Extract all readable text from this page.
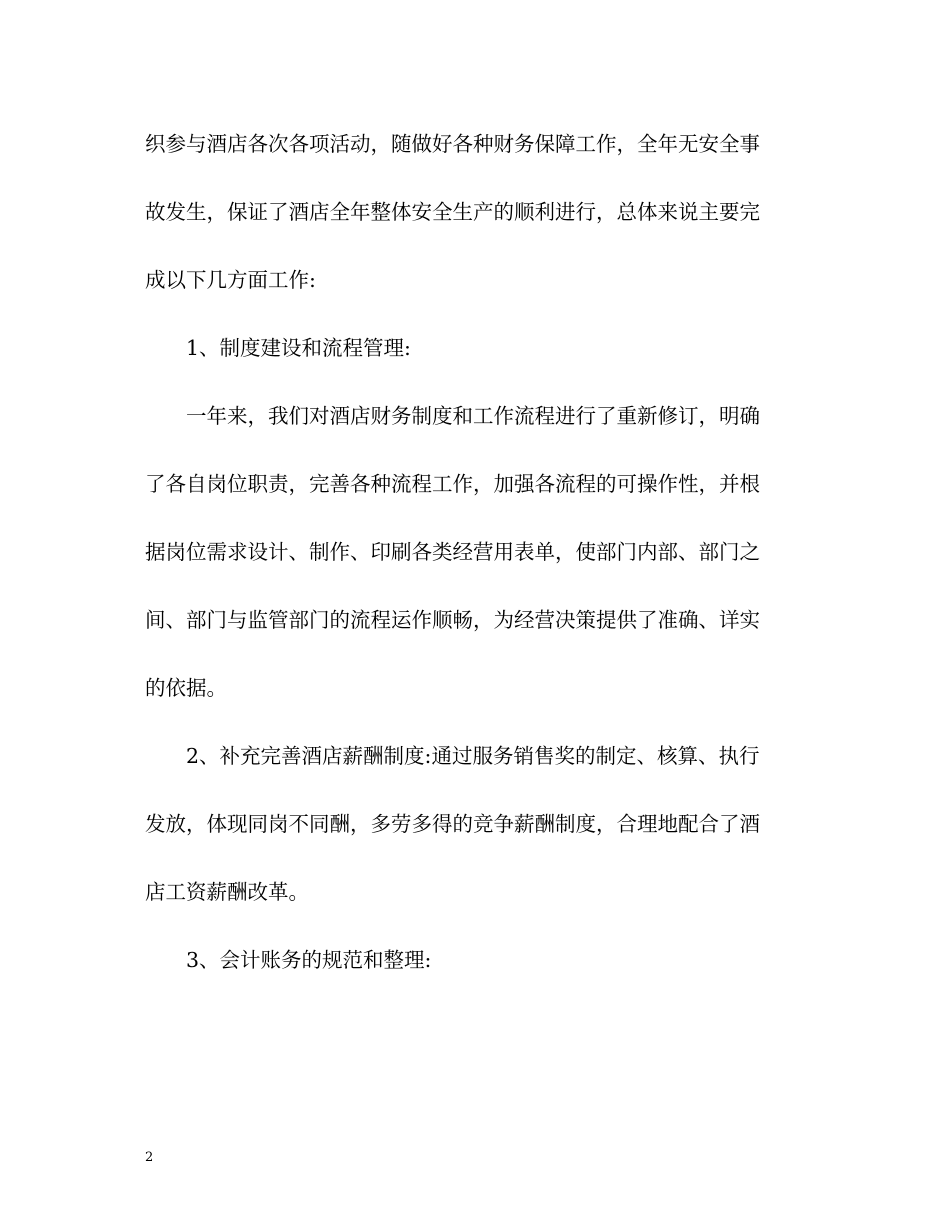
织参与酒店各次各项活动，随做好各种财务保障工作，全年无安全事
故发生，保证了酒店全年整体安全生产的顺利进行，总体来说主要完
成以下几方面工作:
1、制度建设和流程管理:
一年来，我们对酒店财务制度和工作流程进行了重新修订，明确
了各自岗位职责，完善各种流程工作，加强各流程的可操作性，并根
据岗位需求设计、制作、印刷各类经营用表单，使部门内部、部门之
间、部门与监管部门的流程运作顺畅，为经营决策提供了准确、详实
的依据。
2、补充完善酒店薪酬制度:通过服务销售奖的制定、核算、执行
发放，体现同岗不同酬，多劳多得的竞争薪酬制度，合理地配合了酒
店工资薪酬改革。
3、会计账务的规范和整理:
2
